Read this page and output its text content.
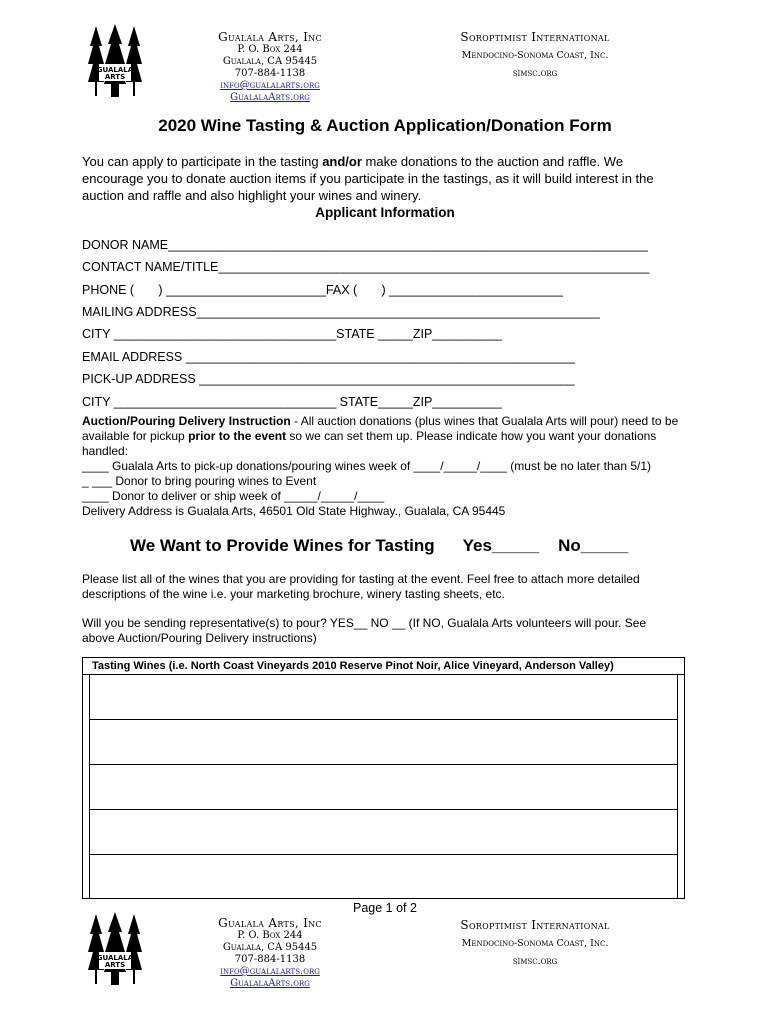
GUALALA
ARTS
Gualala Arts, Inc
P. O. Box 244
Gualala, CA 95445
707-884-1138
info@gualalarts.org
GualalaArts.org
Soroptimist International
Mendocino-Sonoma Coast, Inc.
simsc.org
2020 Wine Tasting & Auction Application/Donation Form

You can apply to participate in the tasting and/or make donations to the auction and raffle. We encourage you to donate auction items if you participate in the tastings, as it will build interest in the auction and raffle and also highlight your wines and winery.

Applicant Information
DONOR NAME_____________________________________________________________________
CONTACT NAME/TITLE______________________________________________________________
PHONE (       ) _______________________FAX (       ) _________________________
MAILING ADDRESS__________________________________________________________
CITY ________________________________STATE _____ZIP__________
EMAIL ADDRESS ________________________________________________________
PICK-UP ADDRESS ______________________________________________________
CITY ________________________________ STATE_____ZIP__________
Auction/Pouring Delivery Instruction - All auction donations (plus wines that Gualala Arts will pour) need to be available for pickup prior to the event so we can set them up. Please indicate how you want your donations handled:
____ Gualala Arts to pick-up donations/pouring wines week of ____/_____/____ (must be no later than 5/1)
_ ___ Donor to bring pouring wines to Event
____ Donor to deliver or ship week of _____/_____/____
Delivery Address is Gualala Arts, 46501 Old State Highway., Gualala, CA 95445
We Want to Provide Wines for Tasting      Yes_____    No_____

Please list all of the wines that you are providing for tasting at the event. Feel free to attach more detailed descriptions of the wine i.e. your marketing brochure, winery tasting sheets, etc.

Will you be sending representative(s) to pour? YES__ NO __ (If NO, Gualala Arts volunteers will pour. See above Auction/Pouring Delivery instructions)

Tasting Wines (i.e. North Coast Vineyards 2010 Reserve Pinot Noir, Alice Vineyard, Anderson Valley)
Page 1 of 2
GUALALA
ARTS
Gualala Arts, Inc
P. O. Box 244
Gualala, CA 95445
707-884-1138
info@gualalarts.org
GualalaArts.org
Soroptimist International
Mendocino-Sonoma Coast, Inc.
simsc.org
